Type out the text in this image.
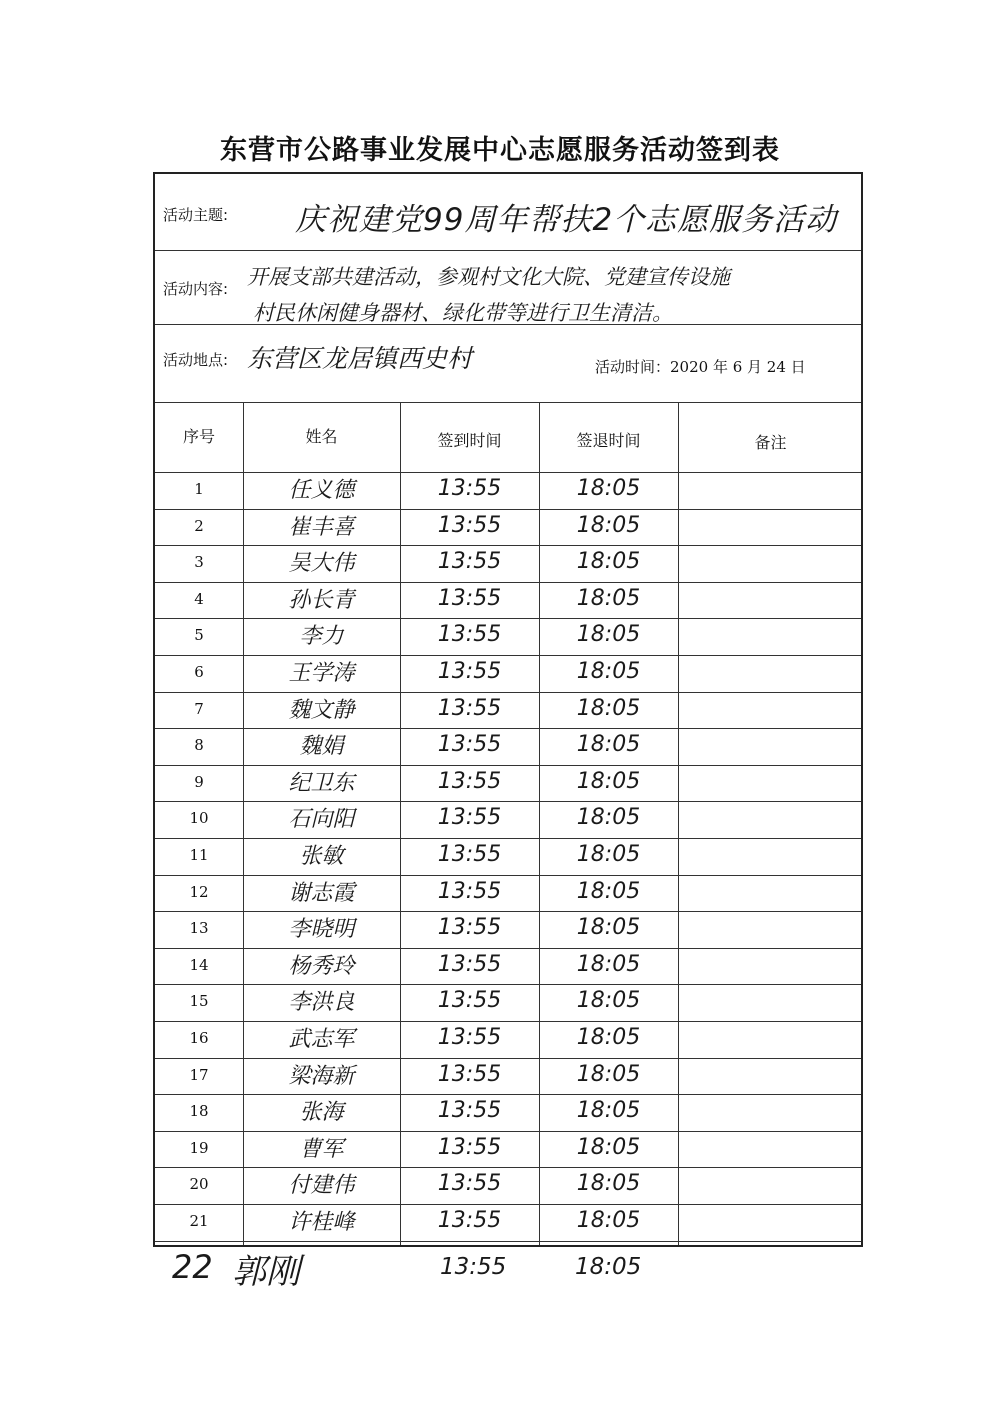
东营市公路事业发展中心志愿服务活动签到表
活动主题: 庆祝建党99周年帮扶2个志愿服务活动
活动内容: 开展支部共建活动，参观村文化大院、党建宣传设施
村民休闲健身器材、绿化带等进行卫生清洁。
活动地点: 东营区龙居镇西史村	活动时间：2020 年 6 月 24 日
序号	姓名	签到时间	签退时间	备注
1	任义德	13:55	18:05
2	崔丰喜	13:55	18:05
3	吴大伟	13:55	18:05
4	孙长青	13:55	18:05
5	李力	13:55	18:05
6	王学涛	13:55	18:05
7	魏文静	13:55	18:05
8	魏娟	13:55	18:05
9	纪卫东	13:55	18:05
10	石向阳	13:55	18:05
11	张敏	13:55	18:05
12	谢志霞	13:55	18:05
13	李晓明	13:55	18:05
14	杨秀玲	13:55	18:05
15	李洪良	13:55	18:05
16	武志军	13:55	18:05
17	梁海新	13:55	18:05
18	张海	13:55	18:05
19	曹军	13:55	18:05
20	付建伟	13:55	18:05
21	许桂峰	13:55	18:05
22 郭刚	13:55	18:05
